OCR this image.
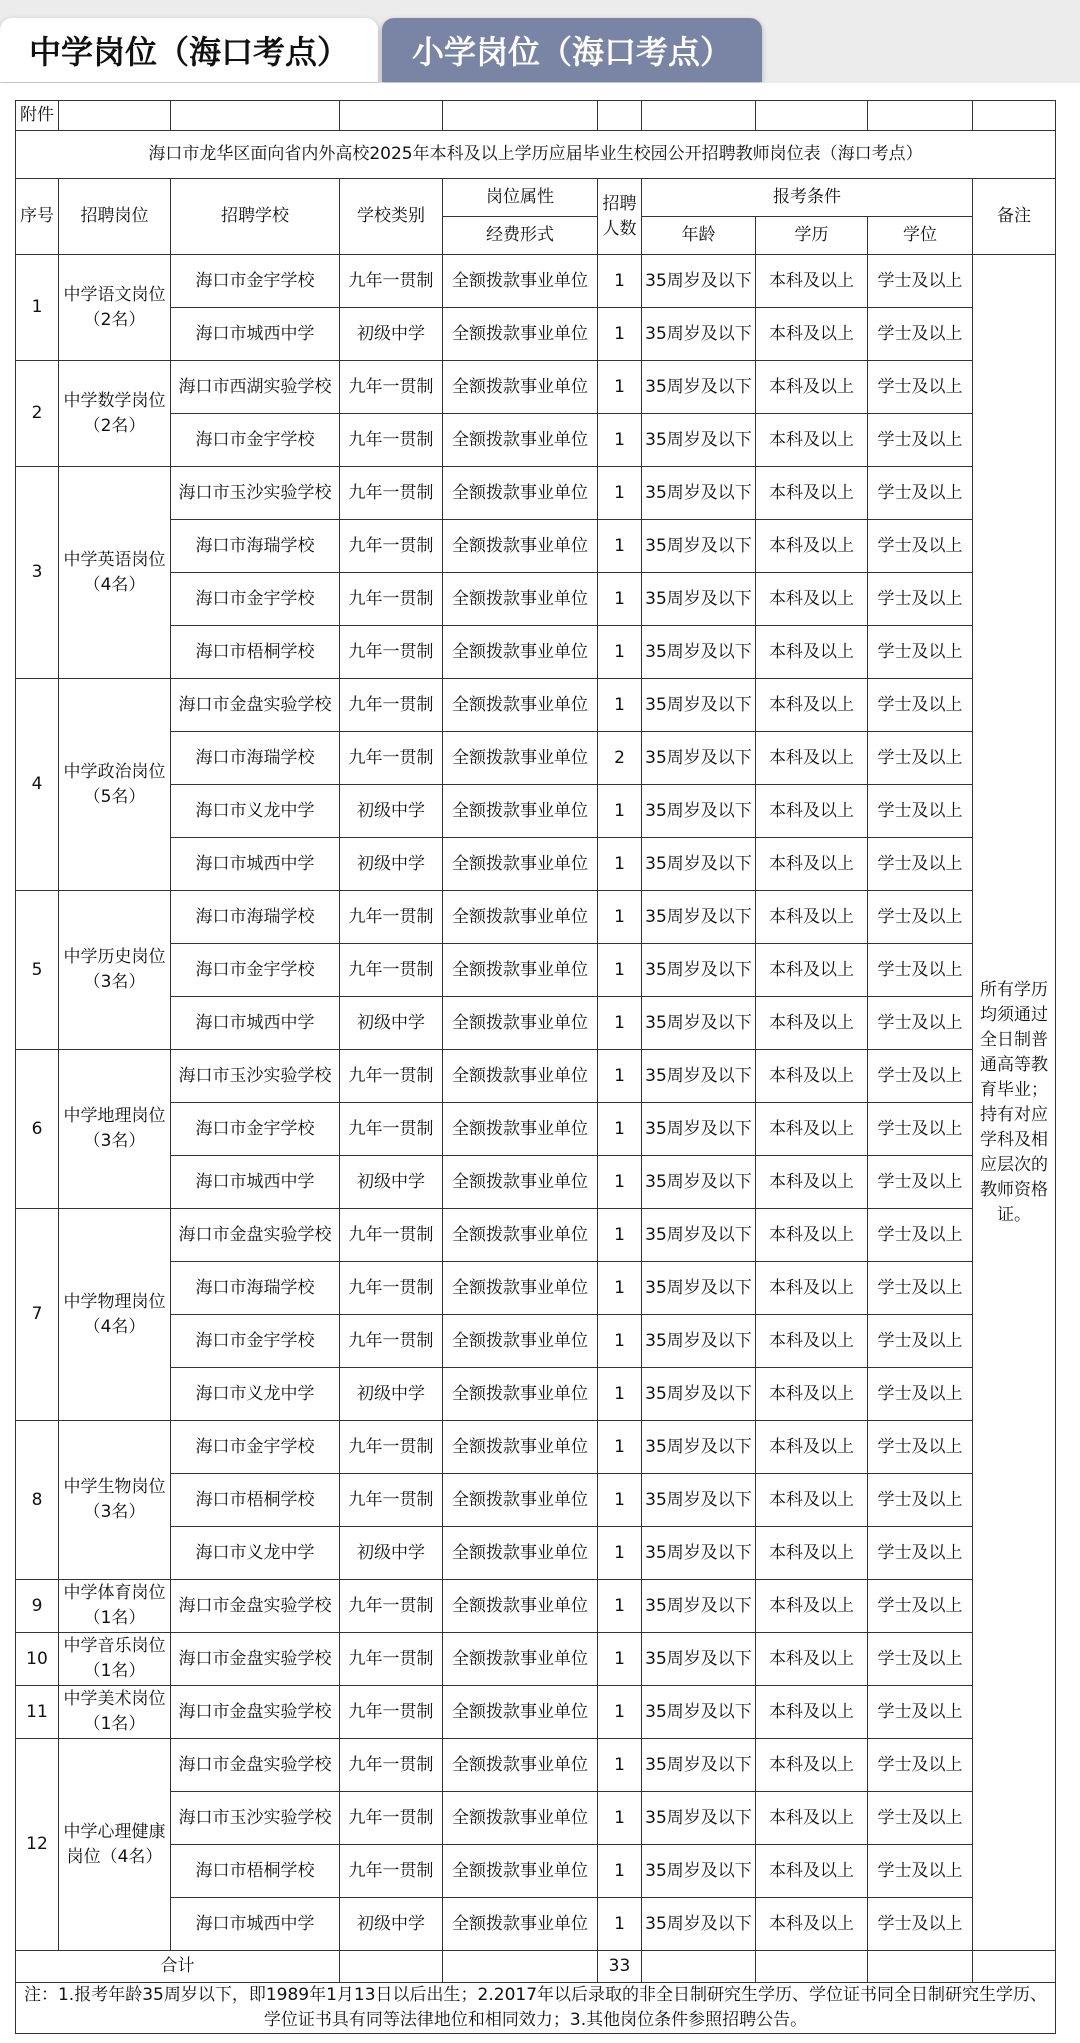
中学岗位（海口考点）	小学岗位（海口考点）
附件									
海口市龙华区面向省内外高校2025年本科及以上学历应届毕业生校园公开招聘教师岗位表（海口考点）									
序号	招聘岗位	招聘学校	学校类别	岗位属性	招聘人数	报考条件			备注
				经费形式		年龄	学历	学位	
1	中学语文岗位（2名）	海口市金宇学校	九年一贯制	全额拨款事业单位	1	35周岁及以下	本科及以上	学士及以上	所有学历均须通过全日制普通高等教育毕业；持有对应学科及相应层次的教师资格证。
		海口市城西中学	初级中学	全额拨款事业单位	1	35周岁及以下	本科及以上	学士及以上	
2	中学数学岗位（2名）	海口市西湖实验学校	九年一贯制	全额拨款事业单位	1	35周岁及以下	本科及以上	学士及以上	
		海口市金宇学校	九年一贯制	全额拨款事业单位	1	35周岁及以下	本科及以上	学士及以上	
3	中学英语岗位（4名）	海口市玉沙实验学校	九年一贯制	全额拨款事业单位	1	35周岁及以下	本科及以上	学士及以上	
		海口市海瑞学校	九年一贯制	全额拨款事业单位	1	35周岁及以下	本科及以上	学士及以上	
		海口市金宇学校	九年一贯制	全额拨款事业单位	1	35周岁及以下	本科及以上	学士及以上	
		海口市梧桐学校	九年一贯制	全额拨款事业单位	1	35周岁及以下	本科及以上	学士及以上	
4	中学政治岗位（5名）	海口市金盘实验学校	九年一贯制	全额拨款事业单位	1	35周岁及以下	本科及以上	学士及以上	
		海口市海瑞学校	九年一贯制	全额拨款事业单位	2	35周岁及以下	本科及以上	学士及以上	
		海口市义龙中学	初级中学	全额拨款事业单位	1	35周岁及以下	本科及以上	学士及以上	
		海口市城西中学	初级中学	全额拨款事业单位	1	35周岁及以下	本科及以上	学士及以上	
5	中学历史岗位（3名）	海口市海瑞学校	九年一贯制	全额拨款事业单位	1	35周岁及以下	本科及以上	学士及以上	
		海口市金宇学校	九年一贯制	全额拨款事业单位	1	35周岁及以下	本科及以上	学士及以上	
		海口市城西中学	初级中学	全额拨款事业单位	1	35周岁及以下	本科及以上	学士及以上	
6	中学地理岗位（3名）	海口市玉沙实验学校	九年一贯制	全额拨款事业单位	1	35周岁及以下	本科及以上	学士及以上	
		海口市金宇学校	九年一贯制	全额拨款事业单位	1	35周岁及以下	本科及以上	学士及以上	
		海口市城西中学	初级中学	全额拨款事业单位	1	35周岁及以下	本科及以上	学士及以上	
7	中学物理岗位（4名）	海口市金盘实验学校	九年一贯制	全额拨款事业单位	1	35周岁及以下	本科及以上	学士及以上	
		海口市海瑞学校	九年一贯制	全额拨款事业单位	1	35周岁及以下	本科及以上	学士及以上	
		海口市金宇学校	九年一贯制	全额拨款事业单位	1	35周岁及以下	本科及以上	学士及以上	
		海口市义龙中学	初级中学	全额拨款事业单位	1	35周岁及以下	本科及以上	学士及以上	
8	中学生物岗位（3名）	海口市金宇学校	九年一贯制	全额拨款事业单位	1	35周岁及以下	本科及以上	学士及以上	
		海口市梧桐学校	九年一贯制	全额拨款事业单位	1	35周岁及以下	本科及以上	学士及以上	
		海口市义龙中学	初级中学	全额拨款事业单位	1	35周岁及以下	本科及以上	学士及以上	
9	中学体育岗位（1名）	海口市金盘实验学校	九年一贯制	全额拨款事业单位	1	35周岁及以下	本科及以上	学士及以上	
10	中学音乐岗位（1名）	海口市金盘实验学校	九年一贯制	全额拨款事业单位	1	35周岁及以下	本科及以上	学士及以上	
11	中学美术岗位（1名）	海口市金盘实验学校	九年一贯制	全额拨款事业单位	1	35周岁及以下	本科及以上	学士及以上	
12	中学心理健康岗位（4名）	海口市金盘实验学校	九年一贯制	全额拨款事业单位	1	35周岁及以下	本科及以上	学士及以上	
		海口市玉沙实验学校	九年一贯制	全额拨款事业单位	1	35周岁及以下	本科及以上	学士及以上	
		海口市梧桐学校	九年一贯制	全额拨款事业单位	1	35周岁及以下	本科及以上	学士及以上	
		海口市城西中学	初级中学	全额拨款事业单位	1	35周岁及以下	本科及以上	学士及以上	
合计					33				
注：1.报考年龄35周岁以下，即1989年1月13日以后出生；2.2017年以后录取的非全日制研究生学历、学位证书同全日制研究生学历、学位证书具有同等法律地位和相同效力；3.其他岗位条件参照招聘公告。									
